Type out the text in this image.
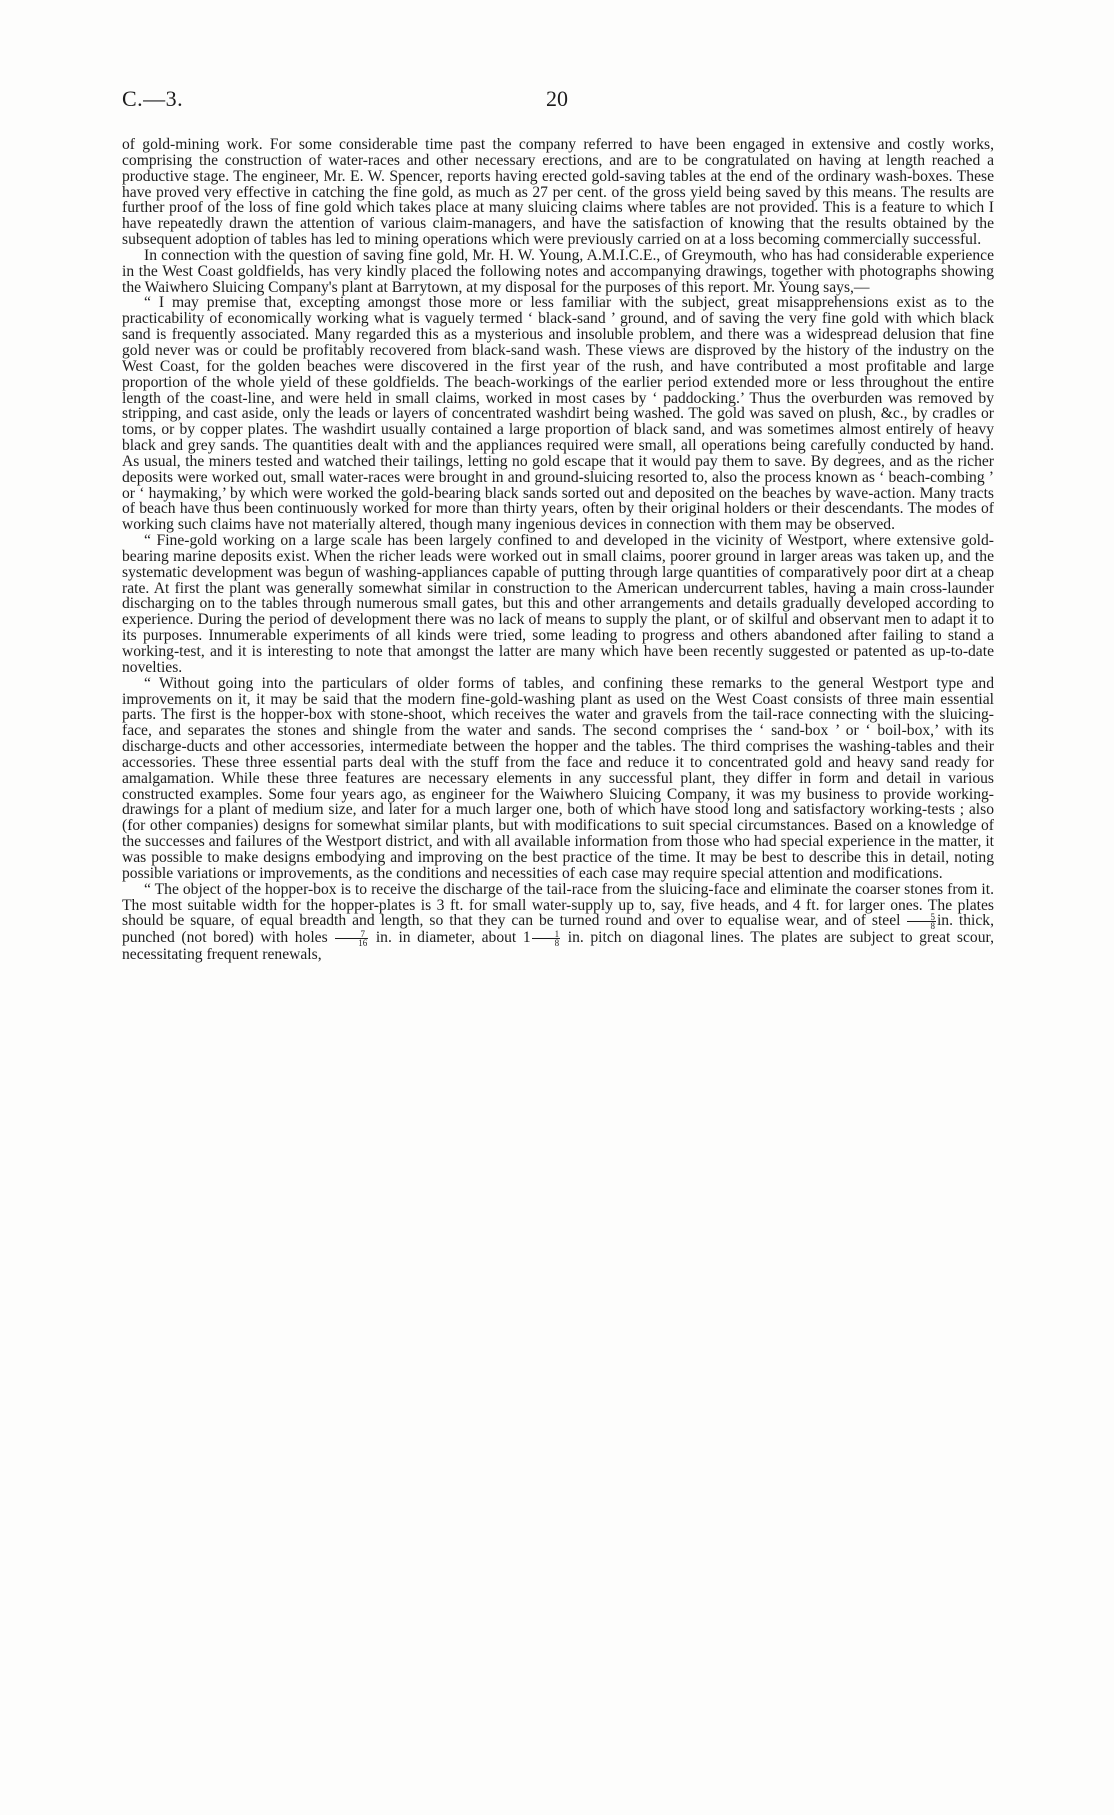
C.—3.	20

of gold-mining work. For some considerable time past the company referred to have been engaged in extensive and costly works, comprising the construction of water-races and other necessary erections, and are to be congratulated on having at length reached a productive stage. The engineer, Mr. E. W. Spencer, reports having erected gold-saving tables at the end of the ordinary wash-boxes. These have proved very effective in catching the fine gold, as much as 27 per cent. of the gross yield being saved by this means. The results are further proof of the loss of fine gold which takes place at many sluicing claims where tables are not provided. This is a feature to which I have repeatedly drawn the attention of various claim-managers, and have the satisfaction of knowing that the results obtained by the subsequent adoption of tables has led to mining operations which were previously carried on at a loss becoming commercially successful.

In connection with the question of saving fine gold, Mr. H. W. Young, A.M.I.C.E., of Greymouth, who has had considerable experience in the West Coast goldfields, has very kindly placed the following notes and accompanying drawings, together with photographs showing the Waiwhero Sluicing Company's plant at Barrytown, at my disposal for the purposes of this report. Mr. Young says,—

“ I may premise that, excepting amongst those more or less familiar with the subject, great misapprehensions exist as to the practicability of economically working what is vaguely termed ‘ black-sand ’ ground, and of saving the very fine gold with which black sand is frequently associated. Many regarded this as a mysterious and insoluble problem, and there was a widespread delusion that fine gold never was or could be profitably recovered from black-sand wash. These views are disproved by the history of the industry on the West Coast, for the golden beaches were discovered in the first year of the rush, and have contributed a most profitable and large proportion of the whole yield of these goldfields. The beach-workings of the earlier period extended more or less throughout the entire length of the coast-line, and were held in small claims, worked in most cases by ‘ paddocking.’ Thus the overburden was removed by stripping, and cast aside, only the leads or layers of concentrated washdirt being washed. The gold was saved on plush, &c., by cradles or toms, or by copper plates. The washdirt usually contained a large proportion of black sand, and was sometimes almost entirely of heavy black and grey sands. The quantities dealt with and the appliances required were small, all operations being carefully conducted by hand. As usual, the miners tested and watched their tailings, letting no gold escape that it would pay them to save. By degrees, and as the richer deposits were worked out, small water-races were brought in and ground-sluicing resorted to, also the process known as ‘ beach-combing ’ or ‘ haymaking,’ by which were worked the gold-bearing black sands sorted out and deposited on the beaches by wave-action. Many tracts of beach have thus been continuously worked for more than thirty years, often by their original holders or their descendants. The modes of working such claims have not materially altered, though many ingenious devices in connection with them may be observed.

“ Fine-gold working on a large scale has been largely confined to and developed in the vicinity of Westport, where extensive gold-bearing marine deposits exist. When the richer leads were worked out in small claims, poorer ground in larger areas was taken up, and the systematic development was begun of washing-appliances capable of putting through large quantities of comparatively poor dirt at a cheap rate. At first the plant was generally somewhat similar in construction to the American undercurrent tables, having a main cross-launder discharging on to the tables through numerous small gates, but this and other arrangements and details gradually developed according to experience. During the period of development there was no lack of means to supply the plant, or of skilful and observant men to adapt it to its purposes. Innumerable experiments of all kinds were tried, some leading to progress and others abandoned after failing to stand a working-test, and it is interesting to note that amongst the latter are many which have been recently suggested or patented as up-to-date novelties.

“ Without going into the particulars of older forms of tables, and confining these remarks to the general Westport type and improvements on it, it may be said that the modern fine-gold-washing plant as used on the West Coast consists of three main essential parts. The first is the hopper-box with stone-shoot, which receives the water and gravels from the tail-race connecting with the sluicing-face, and separates the stones and shingle from the water and sands. The second comprises the ‘ sand-box ’ or ‘ boil-box,’ with its discharge-ducts and other accessories, intermediate between the hopper and the tables. The third comprises the washing-tables and their accessories. These three essential parts deal with the stuff from the face and reduce it to concentrated gold and heavy sand ready for amalgamation. While these three features are necessary elements in any successful plant, they differ in form and detail in various constructed examples. Some four years ago, as engineer for the Waiwhero Sluicing Company, it was my business to provide working-drawings for a plant of medium size, and later for a much larger one, both of which have stood long and satisfactory working-tests ; also (for other companies) designs for somewhat similar plants, but with modifications to suit special circumstances. Based on a knowledge of the successes and failures of the Westport district, and with all available information from those who had special experience in the matter, it was possible to make designs embodying and improving on the best practice of the time. It may be best to describe this in detail, noting possible variations or improvements, as the conditions and necessities of each case may require special attention and modifications.

“ The object of the hopper-box is to receive the discharge of the tail-race from the sluicing-face and eliminate the coarser stones from it. The most suitable width for the hopper-plates is 3 ft. for small water-supply up to, say, five heads, and 4 ft. for larger ones. The plates should be square, of equal breadth and length, so that they can be turned round and over to equalise wear, and of steel $\frac{5}{8}$ in. thick, punched (not bored) with holes $\frac{7}{16}$ in. in diameter, about $1 \frac{1}{8}$ in. pitch on diagonal lines. The plates are subject to great scour, necessitating frequent renewals,
